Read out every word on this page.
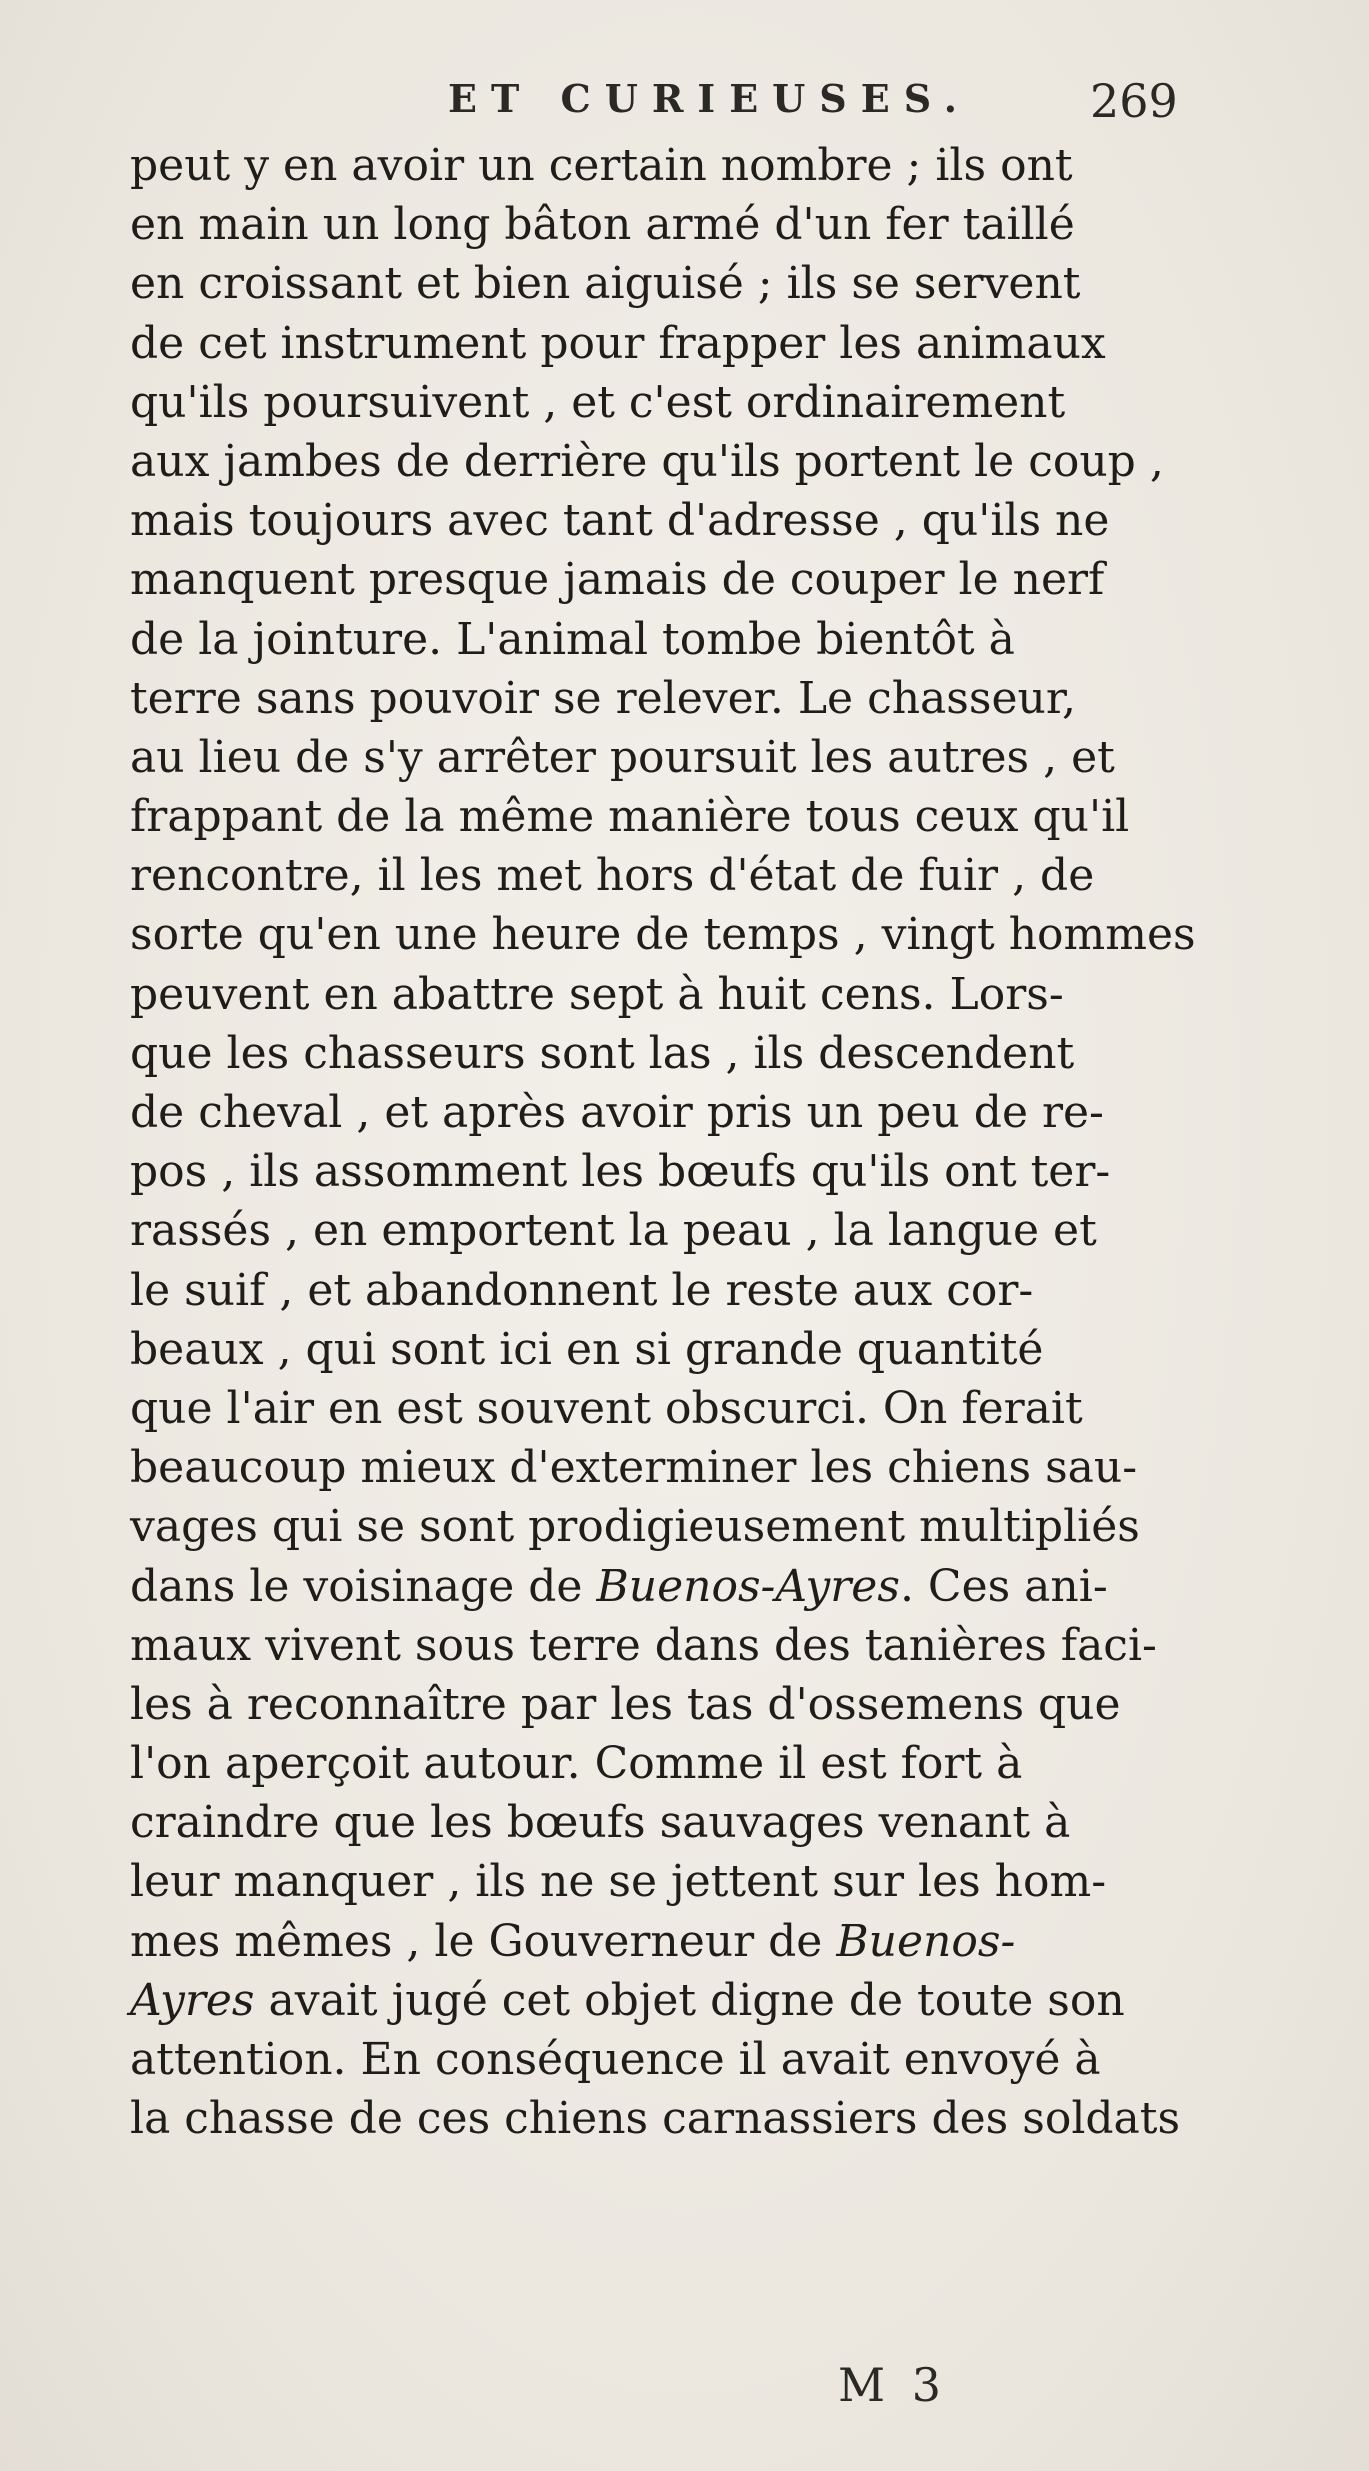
ET CURIEUSES.	269
peut y en avoir un certain nombre ; ils ont
en main un long bâton armé d'un fer taillé
en croissant et bien aiguisé ; ils se servent
de cet instrument pour frapper les animaux
qu'ils poursuivent , et c'est ordinairement
aux jambes de derrière qu'ils portent le coup ,
mais toujours avec tant d'adresse , qu'ils ne
manquent presque jamais de couper le nerf
de la jointure. L'animal tombe bientôt à
terre sans pouvoir se relever. Le chasseur,
au lieu de s'y arrêter poursuit les autres , et
frappant de la même manière tous ceux qu'il
rencontre, il les met hors d'état de fuir , de
sorte qu'en une heure de temps , vingt hommes
peuvent en abattre sept à huit cens. Lors-
que les chasseurs sont las , ils descendent
de cheval , et après avoir pris un peu de re-
pos , ils assomment les bœufs qu'ils ont ter-
rassés , en emportent la peau , la langue et
le suif , et abandonnent le reste aux cor-
beaux , qui sont ici en si grande quantité
que l'air en est souvent obscurci. On ferait
beaucoup mieux d'exterminer les chiens sau-
vages qui se sont prodigieusement multipliés
dans le voisinage de Buenos-Ayres. Ces ani-
maux vivent sous terre dans des tanières faci-
les à reconnaître par les tas d'ossemens que
l'on aperçoit autour. Comme il est fort à
craindre que les bœufs sauvages venant à
leur manquer , ils ne se jettent sur les hom-
mes mêmes , le Gouverneur de Buenos-
Ayres avait jugé cet objet digne de toute son
attention. En conséquence il avait envoyé à
la chasse de ces chiens carnassiers des soldats
M 3
